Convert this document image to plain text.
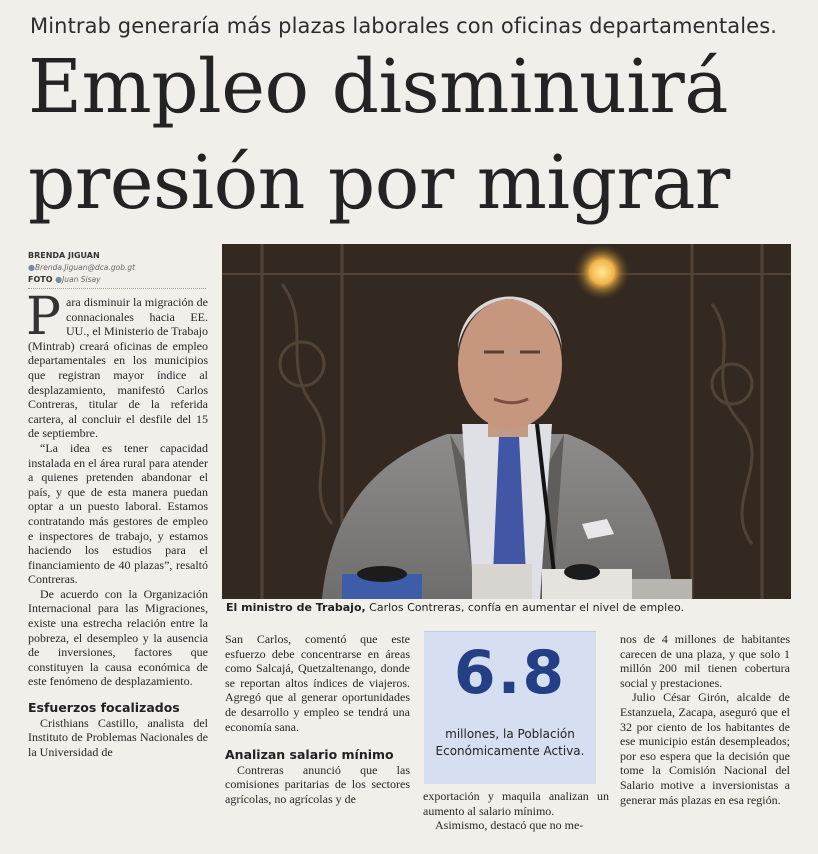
Mintrab generaría más plazas laborales con oficinas departamentales.
Empleo disminuirá
presión por migrar
BRENDA JIGUAN ●Brenda.Jiguan@dca.gob.gt
FOTO ●Juan Sisay

Para disminuir la migración de connacionales hacia EE. UU., el Ministerio de Trabajo (Mintrab) creará oficinas de empleo departamentales en los municipios que registran mayor índice al desplazamiento, manifestó Carlos Contreras, titular de la referida cartera, al concluir el desfile del 15 de septiembre.

“La idea es tener capacidad instalada en el área rural para atender a quienes pretenden abandonar el país, y que de esta manera puedan optar a un puesto laboral. Estamos contratando más gestores de empleo e inspectores de trabajo, y estamos haciendo los estudios para el financiamiento de 40 plazas”, resaltó Contreras.

De acuerdo con la Organización Internacional para las Migraciones, existe una estrecha relación entre la pobreza, el desempleo y la ausencia de inversiones, factores que constituyen la causa económica de este fenómeno de desplazamiento.

Esfuerzos focalizados

Cristhians Castillo, analista del Instituto de Problemas Nacionales de la Universidad de

El ministro de Trabajo, Carlos Contreras, confía en aumentar el nivel de empleo.

San Carlos, comentó que este esfuerzo debe concentrarse en áreas como Salcajá, Quetzaltenango, donde se reportan altos índices de viajeros. Agregó que al generar oportunidades de desarrollo y empleo se tendrá una economía sana.

Analizan salario mínimo

Contreras anunció que las comisiones paritarias de los sectores agrícolas, no agrícolas y de

6.8
millones, la Población Económicamente Activa.

exportación y maquila analizan un aumento al salario mínimo.

Asimismo, destacó que no me-

nos de 4 millones de habitantes carecen de una plaza, y que solo 1 millón 200 mil tienen cobertura social y prestaciones.

Julio César Girón, alcalde de Estanzuela, Zacapa, aseguró que el 32 por ciento de los habitantes de ese municipio están desempleados; por eso espera que la decisión que tome la Comisión Nacional del Salario motive a inversionistas a generar más plazas en esa región.
